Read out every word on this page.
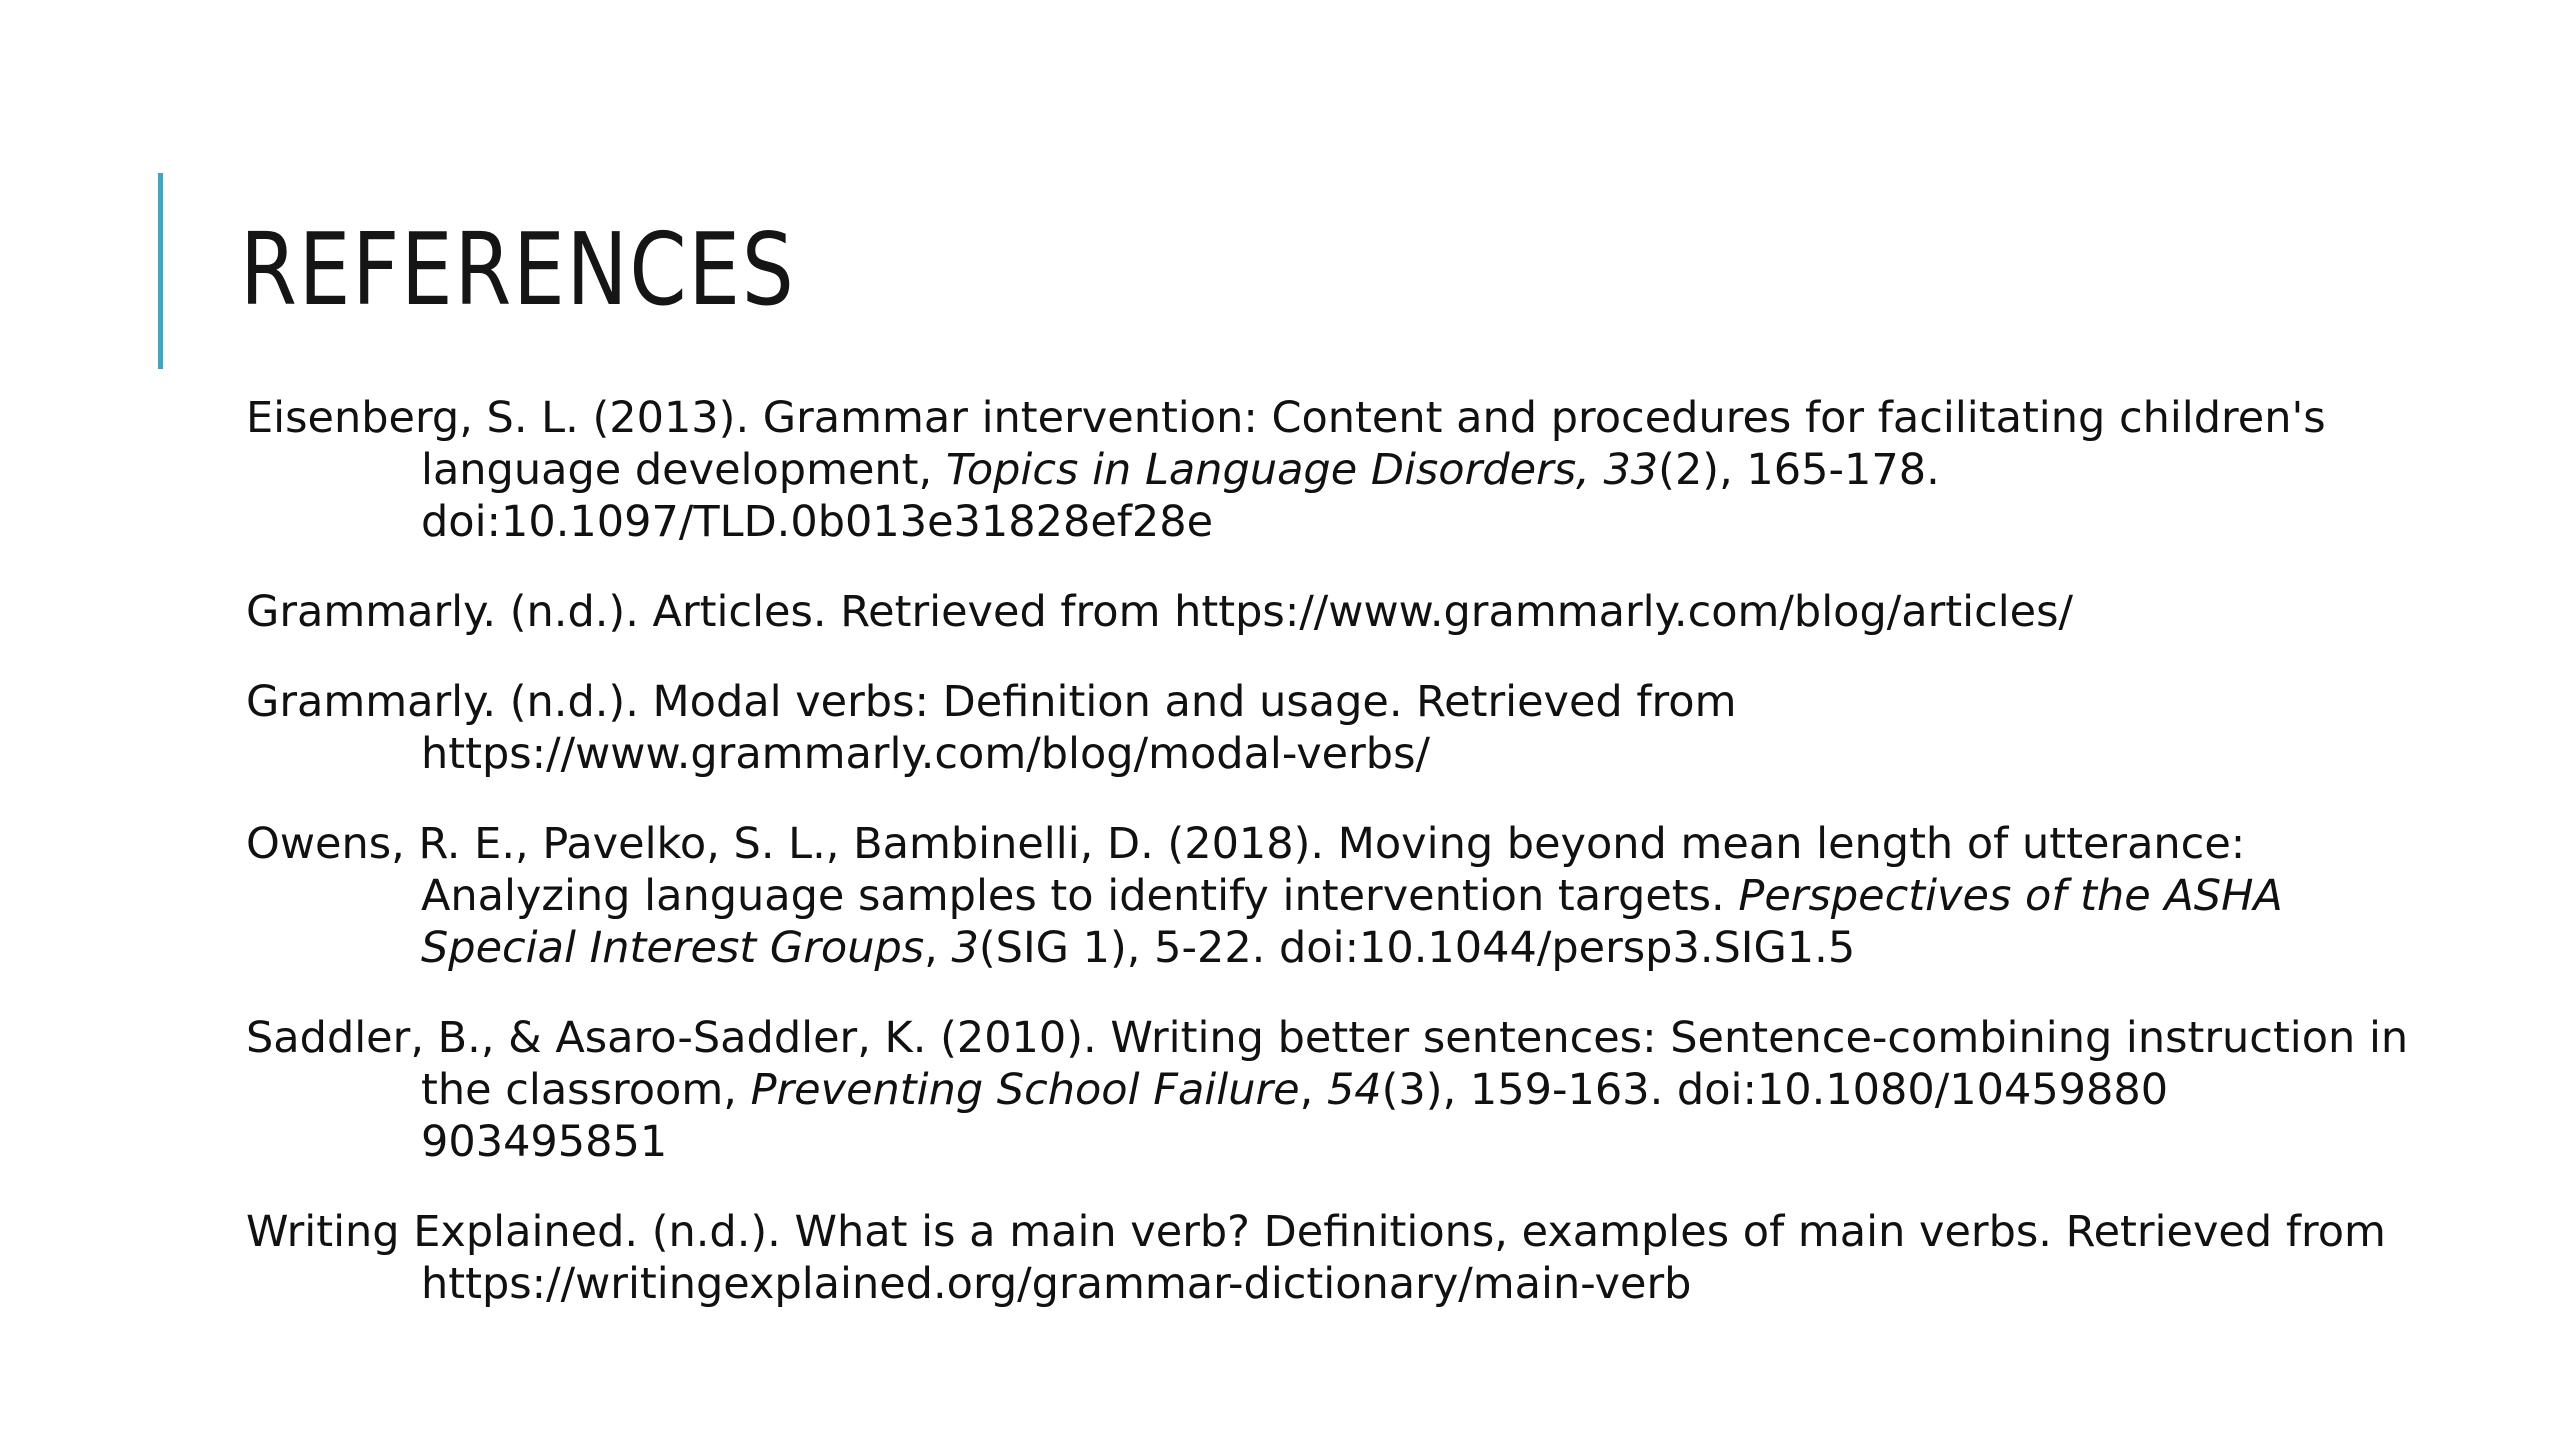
REFERENCES

Eisenberg, S. L. (2013). Grammar intervention: Content and procedures for facilitating children's language development, Topics in Language Disorders, 33(2), 165-178. doi:10.1097/TLD.0b013e31828ef28e

Grammarly. (n.d.). Articles. Retrieved from https://www.grammarly.com/blog/articles/

Grammarly. (n.d.). Modal verbs: Definition and usage. Retrieved from https://www.grammarly.com/blog/modal-verbs/

Owens, R. E., Pavelko, S. L., Bambinelli, D. (2018). Moving beyond mean length of utterance: Analyzing language samples to identify intervention targets. Perspectives of the ASHA Special Interest Groups, 3(SIG 1), 5-22. doi:10.1044/persp3.SIG1.5

Saddler, B., & Asaro-Saddler, K. (2010). Writing better sentences: Sentence-combining instruction in the classroom, Preventing School Failure, 54(3), 159-163. doi:10.1080/10459880 903495851

Writing Explained. (n.d.). What is a main verb? Definitions, examples of main verbs. Retrieved from https://writingexplained.org/grammar-dictionary/main-verb
